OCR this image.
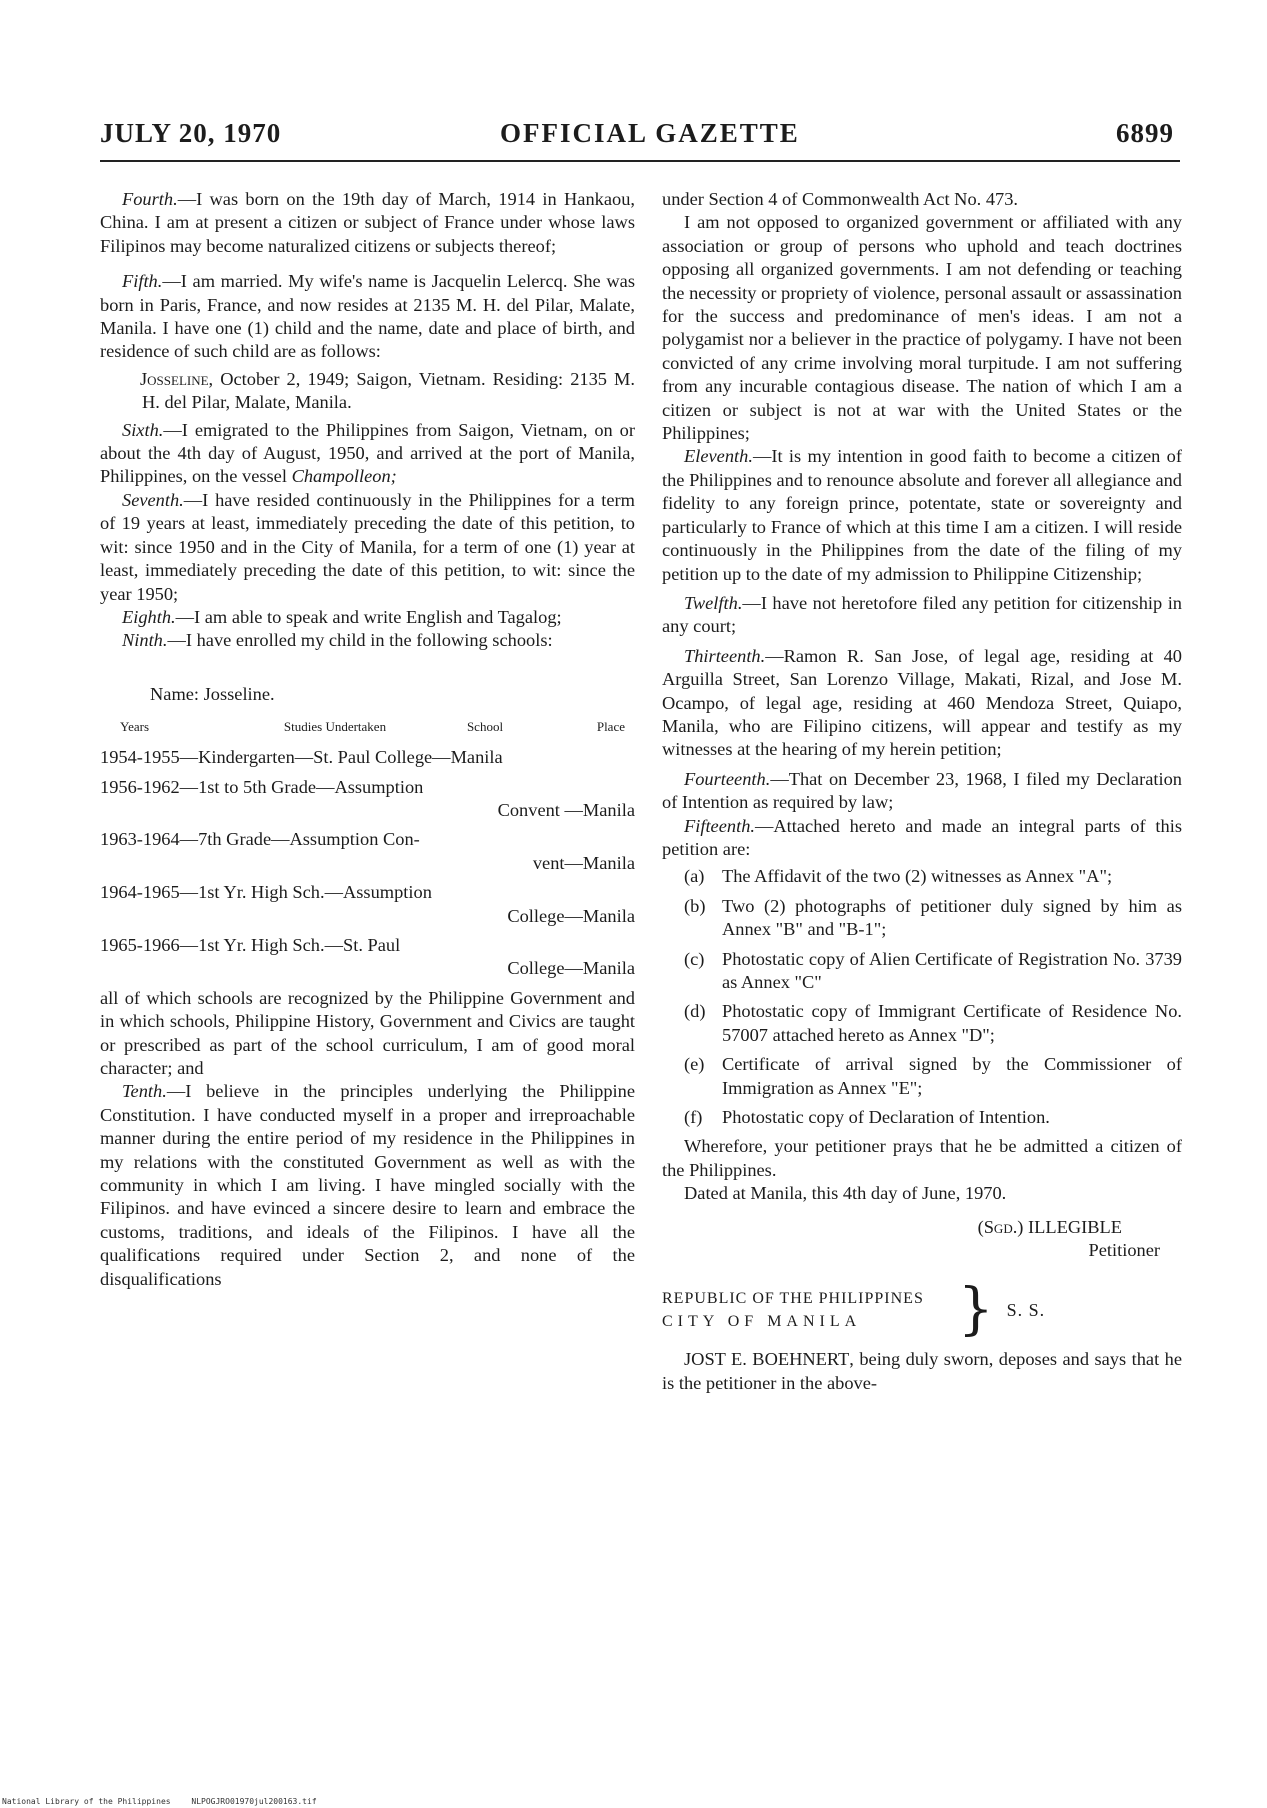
JULY 20, 1970	OFFICIAL GAZETTE	6899

Fourth.—I was born on the 19th day of March, 1914 in Hankaou, China. I am at present a citizen or subject of France under whose laws Filipinos may become naturalized citizens or subjects thereof;

Fifth.—I am married. My wife's name is Jacquelin Lelercq. She was born in Paris, France, and now resides at 2135 M. H. del Pilar, Malate, Manila. I have one (1) child and the name, date and place of birth, and residence of such child are as follows:

Josseline, October 2, 1949; Saigon, Vietnam. Residing: 2135 M. H. del Pilar, Malate, Manila.

Sixth.—I emigrated to the Philippines from Saigon, Vietnam, on or about the 4th day of August, 1950, and arrived at the port of Manila, Philippines, on the vessel Champolleon;

Seventh.—I have resided continuously in the Philippines for a term of 19 years at least, immediately preceding the date of this petition, to wit: since 1950 and in the City of Manila, for a term of one (1) year at least, immediately preceding the date of this petition, to wit: since the year 1950;

Eighth.—I am able to speak and write English and Tagalog;

Ninth.—I have enrolled my child in the following schools:

Name: Josseline.
Years	Studies Undertaken	School	Place
1954-1955—Kindergarten—St. Paul College—Manila
1956-1962—1st to 5th Grade—Assumption
Convent —Manila
1963-1964—7th Grade—Assumption Con-
vent—Manila
1964-1965—1st Yr. High Sch.—Assumption
College—Manila
1965-1966—1st Yr. High Sch.—St. Paul
College—Manila

all of which schools are recognized by the Philippine Government and in which schools, Philippine History, Government and Civics are taught or prescribed as part of the school curriculum, I am of good moral character; and

Tenth.—I believe in the principles underlying the Philippine Constitution. I have conducted myself in a proper and irreproachable manner during the entire period of my residence in the Philippines in my relations with the constituted Government as well as with the community in which I am living. I have mingled socially with the Filipinos. and have evinced a sincere desire to learn and embrace the customs, traditions, and ideals of the Filipinos. I have all the qualifications required under Section 2, and none of the disqualifications

under Section 4 of Commonwealth Act No. 473.

I am not opposed to organized government or affiliated with any association or group of persons who uphold and teach doctrines opposing all organized governments. I am not defending or teaching the necessity or propriety of violence, personal assault or assassination for the success and predominance of men's ideas. I am not a polygamist nor a believer in the practice of polygamy. I have not been convicted of any crime involving moral turpitude. I am not suffering from any incurable contagious disease. The nation of which I am a citizen or subject is not at war with the United States or the Philippines;

Eleventh.—It is my intention in good faith to become a citizen of the Philippines and to renounce absolute and forever all allegiance and fidelity to any foreign prince, potentate, state or sovereignty and particularly to France of which at this time I am a citizen. I will reside continuously in the Philippines from the date of the filing of my petition up to the date of my admission to Philippine Citizenship;

Twelfth.—I have not heretofore filed any petition for citizenship in any court;

Thirteenth.—Ramon R. San Jose, of legal age, residing at 40 Arguilla Street, San Lorenzo Village, Makati, Rizal, and Jose M. Ocampo, of legal age, residing at 460 Mendoza Street, Quiapo, Manila, who are Filipino citizens, will appear and testify as my witnesses at the hearing of my herein petition;

Fourteenth.—That on December 23, 1968, I filed my Declaration of Intention as required by law;

Fifteenth.—Attached hereto and made an integral parts of this petition are:

(a) The Affidavit of the two (2) witnesses as Annex "A";
(b) Two (2) photographs of petitioner duly signed by him as Annex "B" and "B-1";
(c) Photostatic copy of Alien Certificate of Registration No. 3739 as Annex "C"
(d) Photostatic copy of Immigrant Certificate of Residence No. 57007 attached hereto as Annex "D";
(e) Certificate of arrival signed by the Commissioner of Immigration as Annex "E";
(f)	Photostatic copy of Declaration of Intention.

Wherefore, your petitioner prays that he be admitted a citizen of the Philippines.

Dated at Manila, this 4th day of June, 1970.

(Sgd.) ILLEGIBLE
Petitioner
REPUBLIC OF THE PHILIPPINES
CITY OF MANILA	} S. S.

JOST E. BOEHNERT, being duly sworn, deposes and says that he is the petitioner in the above-

National Library of the Philippines	NLPOGJRO01970jul200163.tif
